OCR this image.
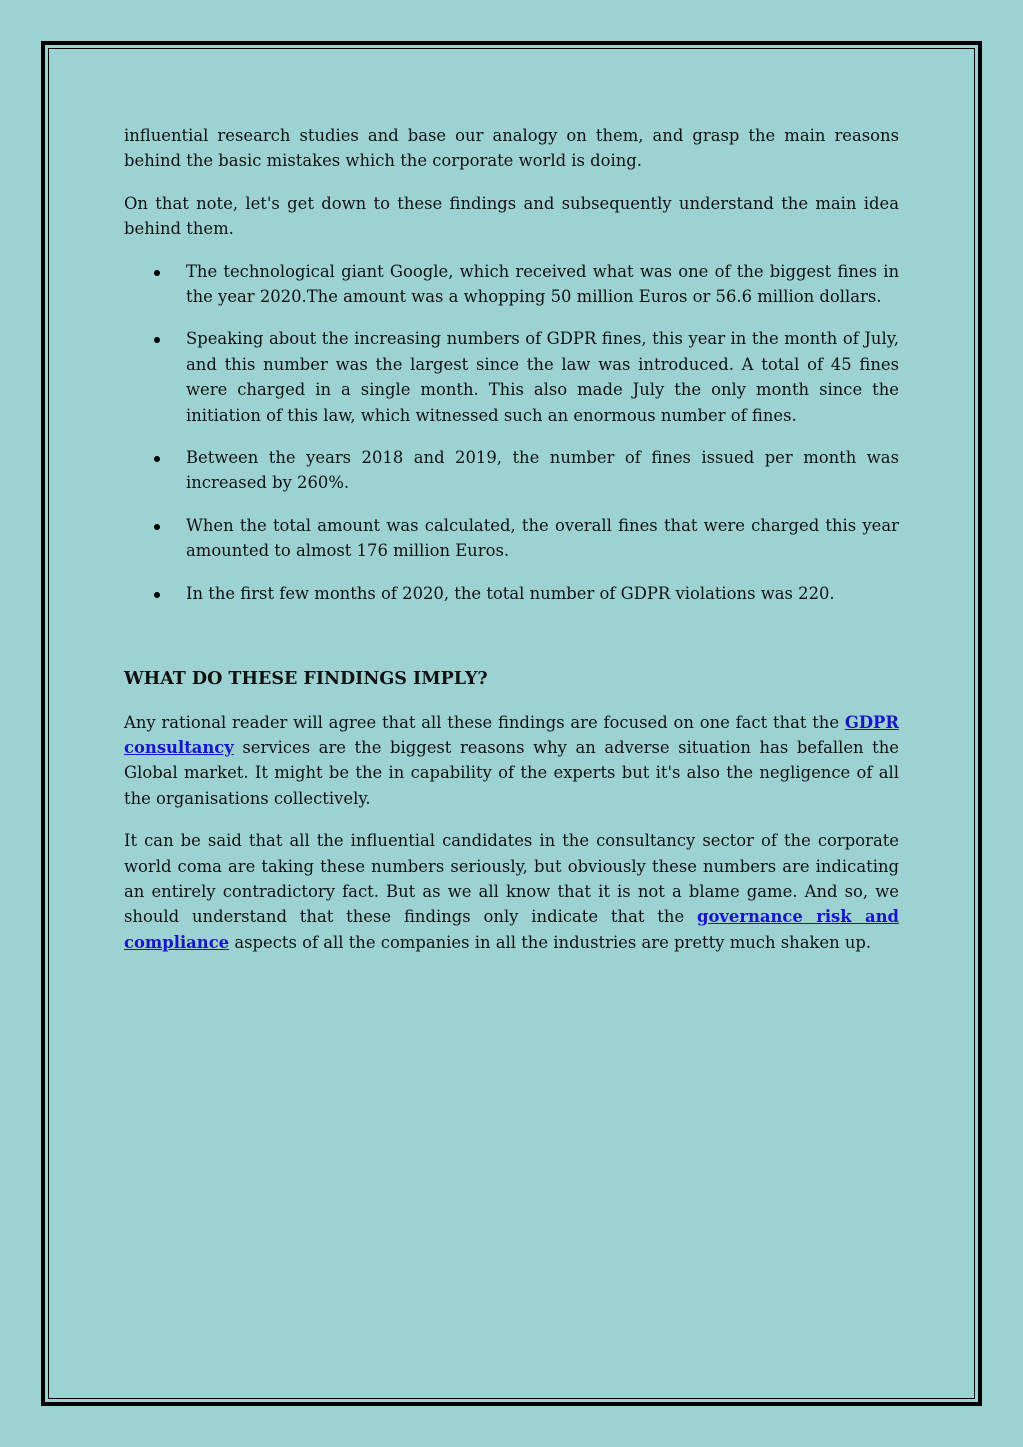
influential research studies and base our analogy on them, and grasp the main reasons behind the basic mistakes which the corporate world is doing.

On that note, let's get down to these findings and subsequently understand the main idea behind them.

The technological giant Google, which received what was one of the biggest fines in the year 2020.The amount was a whopping 50 million Euros or 56.6 million dollars.
Speaking about the increasing numbers of GDPR fines, this year in the month of July, and this number was the largest since the law was introduced. A total of 45 fines were charged in a single month. This also made July the only month since the initiation of this law, which witnessed such an enormous number of fines.
Between the years 2018 and 2019, the number of fines issued per month was increased by 260%.
When the total amount was calculated, the overall fines that were charged this year amounted to almost 176 million Euros.
In the first few months of 2020, the total number of GDPR violations was 220.
WHAT DO THESE FINDINGS IMPLY?

Any rational reader will agree that all these findings are focused on one fact that the GDPR consultancy services are the biggest reasons why an adverse situation has befallen the Global market. It might be the in capability of the experts but it's also the negligence of all the organisations collectively.

It can be said that all the influential candidates in the consultancy sector of the corporate world coma are taking these numbers seriously, but obviously these numbers are indicating an entirely contradictory fact. But as we all know that it is not a blame game. And so, we should understand that these findings only indicate that the governance risk and compliance aspects of all the companies in all the industries are pretty much shaken up.
